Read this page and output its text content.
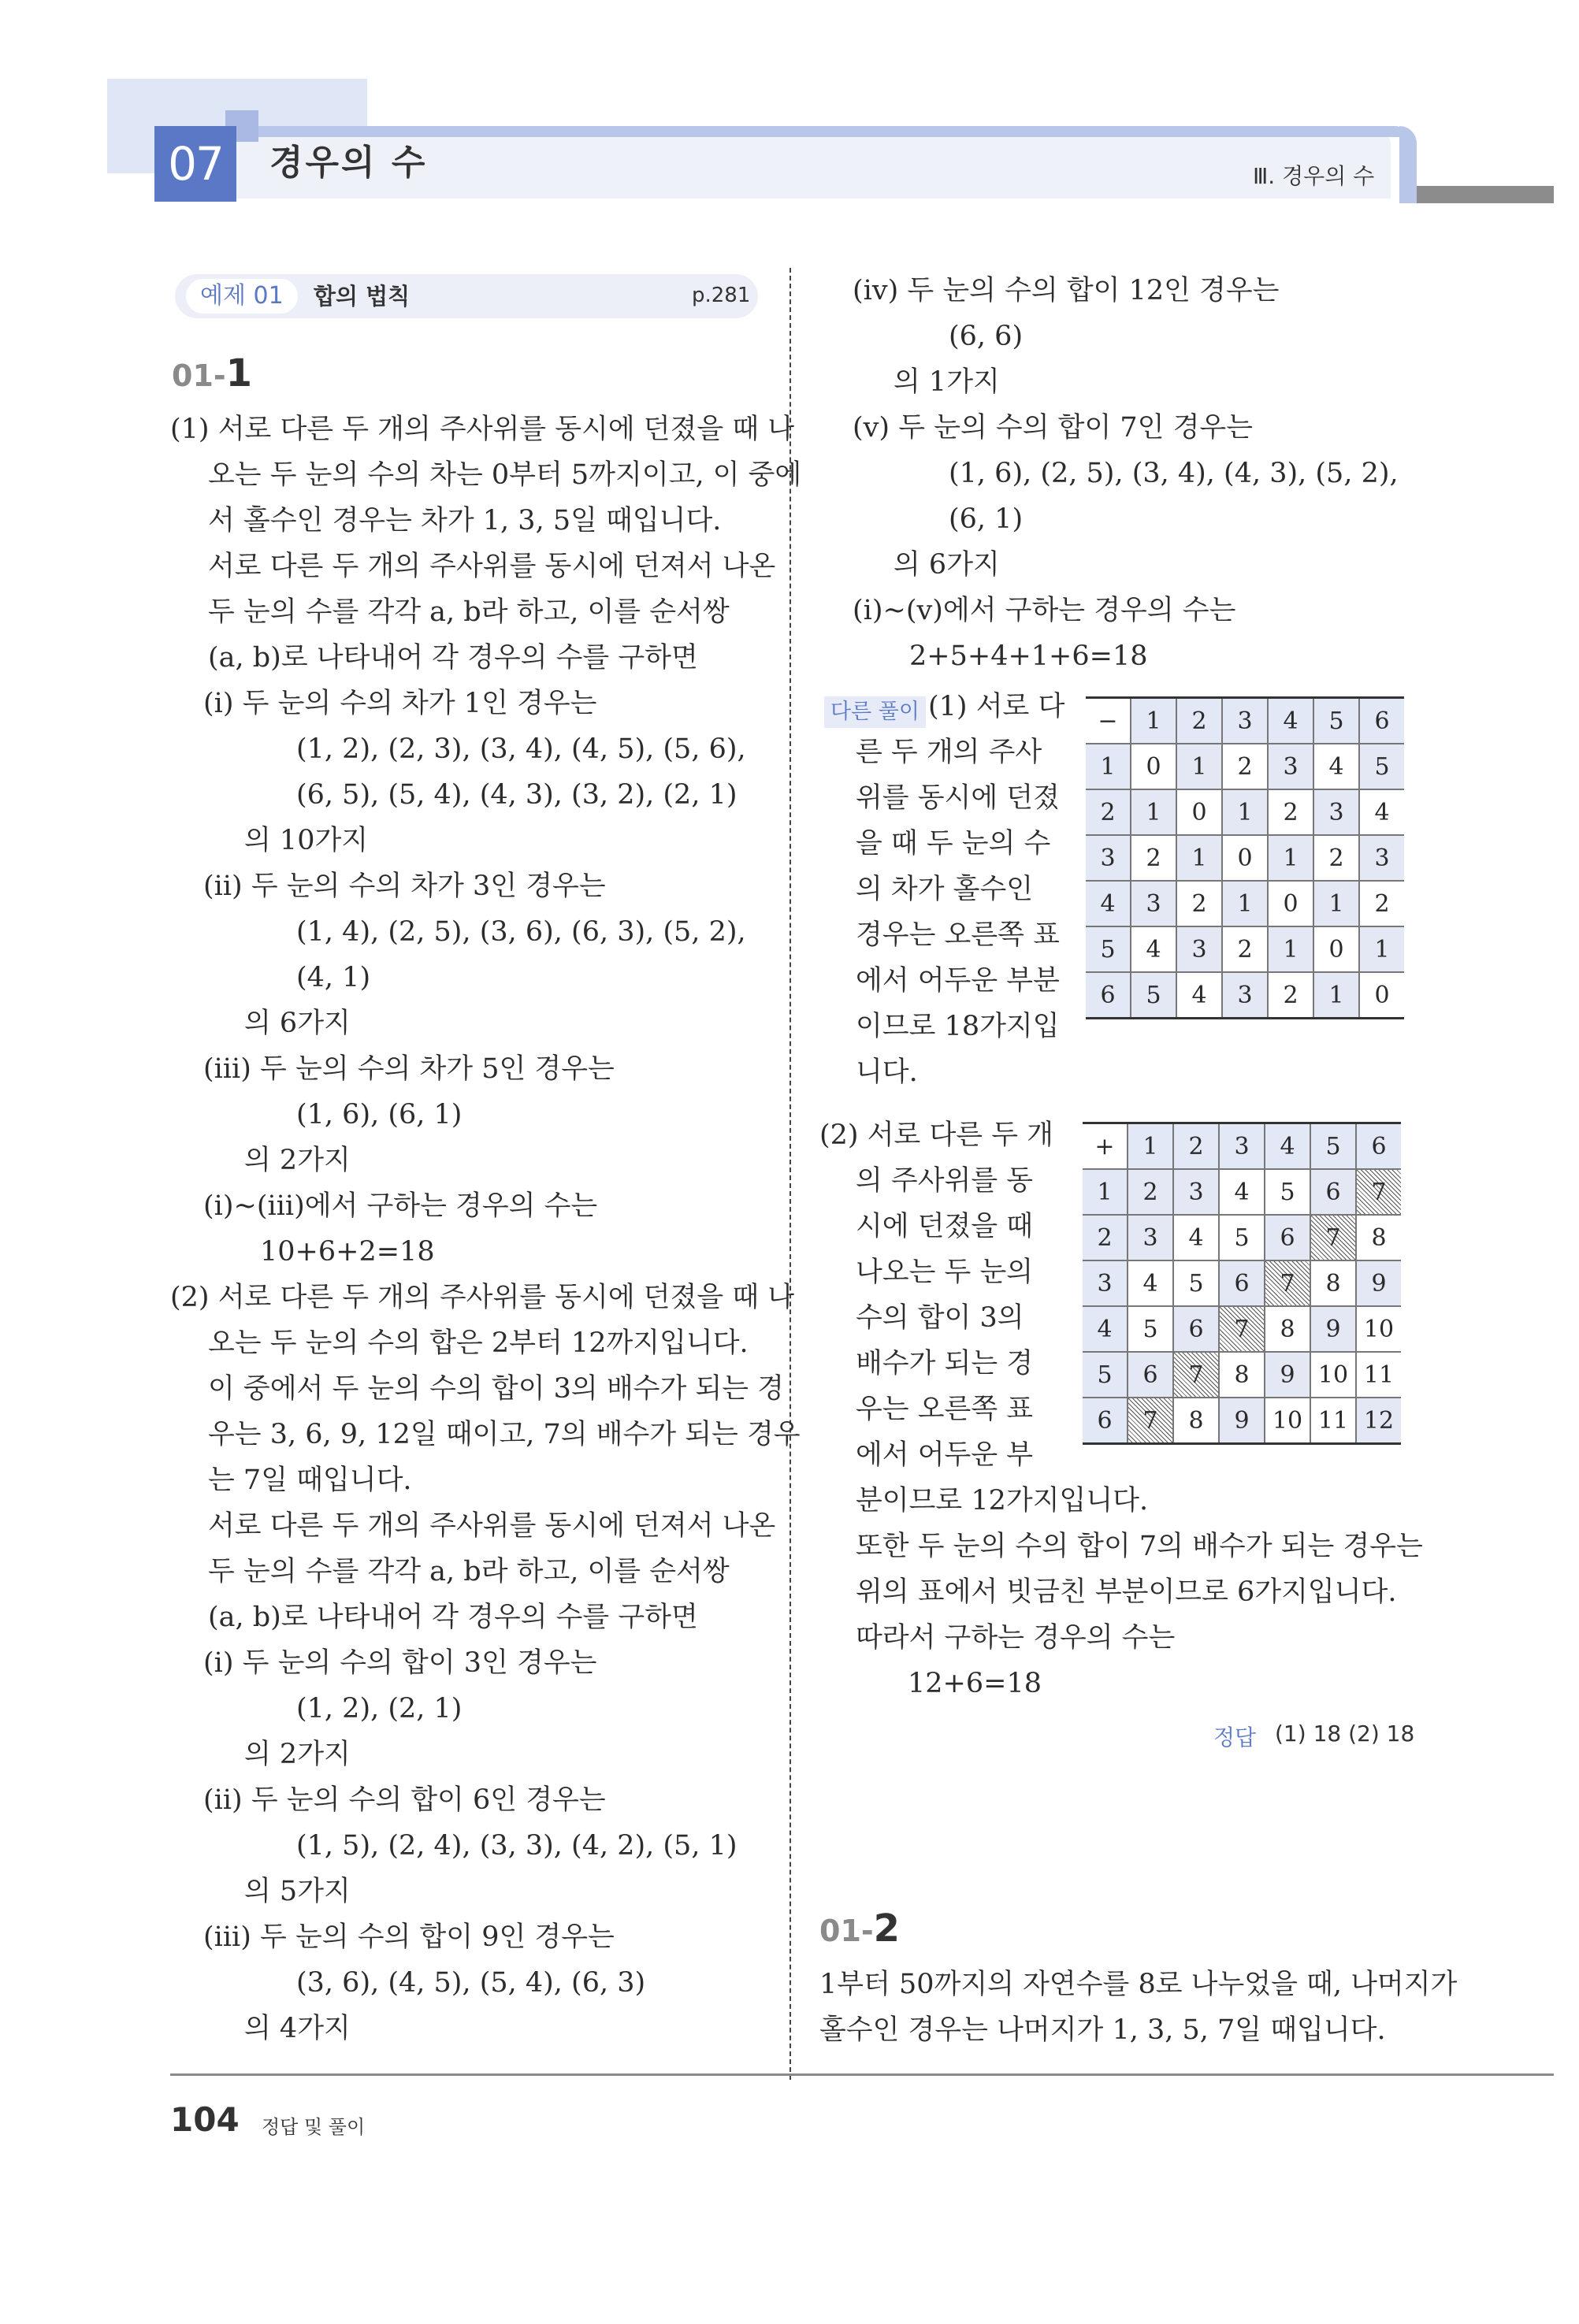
07	경우의 수	Ⅲ. 경우의 수
예제 01	합의 법칙	p.281
01-1
(1) 서로 다른 두 개의 주사위를 동시에 던졌을 때 나
오는 두 눈의 수의 차는 0부터 5까지이고, 이 중에
서 홀수인 경우는 차가 1, 3, 5일 때입니다.
서로 다른 두 개의 주사위를 동시에 던져서 나온
두 눈의 수를 각각 a, b라 하고, 이를 순서쌍
(a, b)로 나타내어 각 경우의 수를 구하면
(ⅰ) 두 눈의 수의 차가 1인 경우는
(1, 2), (2, 3), (3, 4), (4, 5), (5, 6),
(6, 5), (5, 4), (4, 3), (3, 2), (2, 1)
의 10가지
(ⅱ) 두 눈의 수의 차가 3인 경우는
(1, 4), (2, 5), (3, 6), (6, 3), (5, 2),
(4, 1)
의 6가지
(ⅲ) 두 눈의 수의 차가 5인 경우는
(1, 6), (6, 1)
의 2가지
(ⅰ)~(ⅲ)에서 구하는 경우의 수는
10+6+2=18
(2) 서로 다른 두 개의 주사위를 동시에 던졌을 때 나
오는 두 눈의 수의 합은 2부터 12까지입니다.
이 중에서 두 눈의 수의 합이 3의 배수가 되는 경
우는 3, 6, 9, 12일 때이고, 7의 배수가 되는 경우
는 7일 때입니다.
서로 다른 두 개의 주사위를 동시에 던져서 나온
두 눈의 수를 각각 a, b라 하고, 이를 순서쌍
(a, b)로 나타내어 각 경우의 수를 구하면
(ⅰ) 두 눈의 수의 합이 3인 경우는
(1, 2), (2, 1)
의 2가지
(ⅱ) 두 눈의 수의 합이 6인 경우는
(1, 5), (2, 4), (3, 3), (4, 2), (5, 1)
의 5가지
(ⅲ) 두 눈의 수의 합이 9인 경우는
(3, 6), (4, 5), (5, 4), (6, 3)
의 4가지
(ⅳ) 두 눈의 수의 합이 12인 경우는
(6, 6)
의 1가지
(ⅴ) 두 눈의 수의 합이 7인 경우는
(1, 6), (2, 5), (3, 4), (4, 3), (5, 2),
(6, 1)
의 6가지
(ⅰ)~(ⅴ)에서 구하는 경우의 수는
2+5+4+1+6=18
다른 풀이 (1) 서로 다
른 두 개의 주사
위를 동시에 던졌
을 때 두 눈의 수
의 차가 홀수인
경우는 오른쪽 표
에서 어두운 부분
이므로 18가지입
니다.
−	1	2	3	4	5	6
1	0	1	2	3	4	5
2	1	0	1	2	3	4
3	2	1	0	1	2	3
4	3	2	1	0	1	2
5	4	3	2	1	0	1
6	5	4	3	2	1	0
(2) 서로 다른 두 개
의 주사위를 동
시에 던졌을 때
나오는 두 눈의
수의 합이 3의
배수가 되는 경
우는 오른쪽 표
에서 어두운 부
분이므로 12가지입니다.
+	1	2	3	4	5	6
1	2	3	4	5	6	7
2	3	4	5	6	7	8
3	4	5	6	7	8	9
4	5	6	7	8	9	10
5	6	7	8	9	10	11
6	7	8	9	10	11	12
또한 두 눈의 수의 합이 7의 배수가 되는 경우는
위의 표에서 빗금친 부분이므로 6가지입니다.
따라서 구하는 경우의 수는
12+6=18
정답 (1) 18 (2) 18
01-2
1부터 50까지의 자연수를 8로 나누었을 때, 나머지가
홀수인 경우는 나머지가 1, 3, 5, 7일 때입니다.
104 정답 및 풀이
